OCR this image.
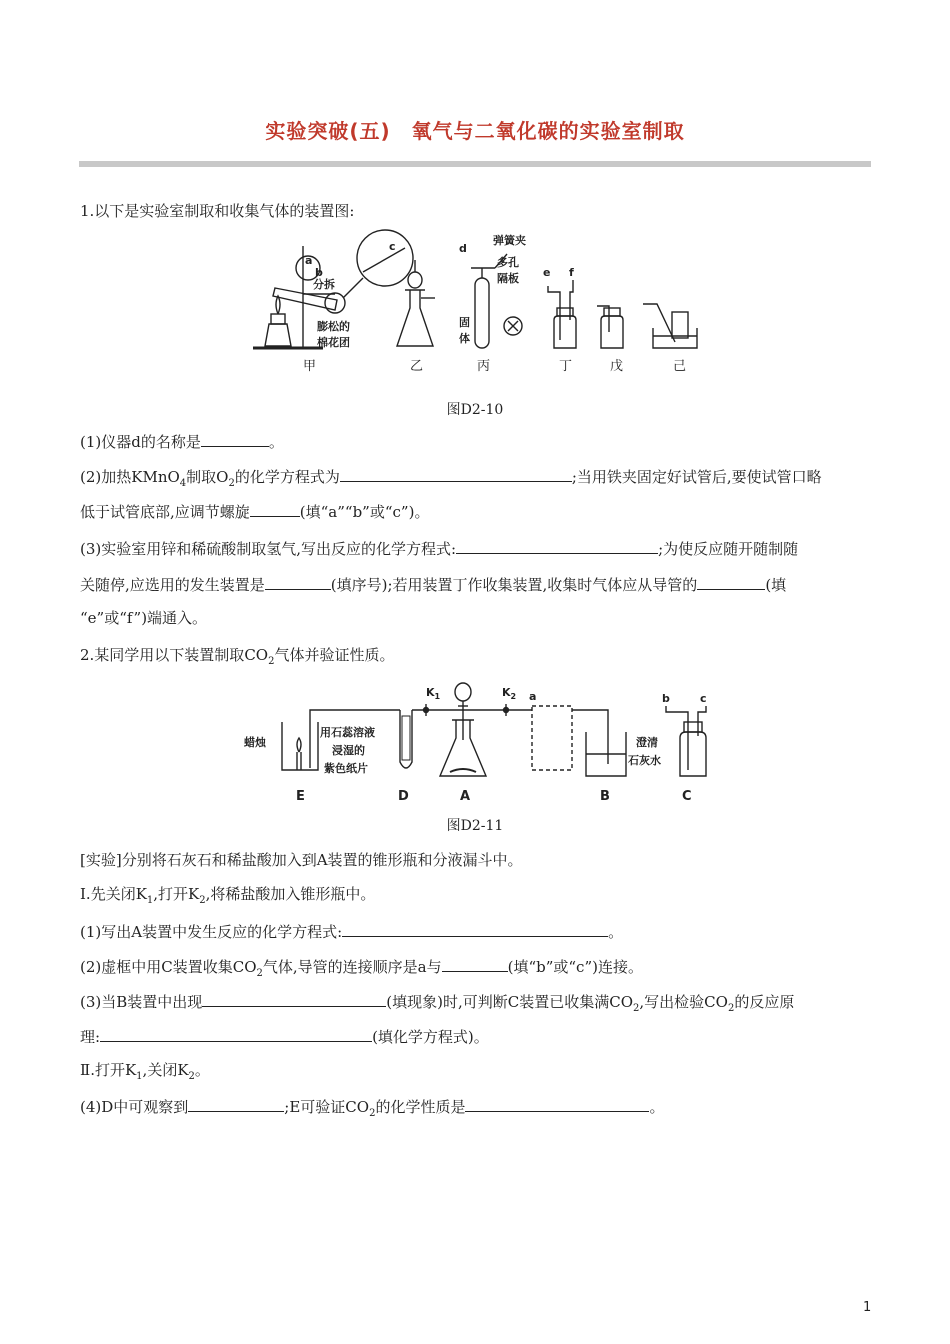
实验突破(五)　氧气与二氧化碳的实验室制取
1.以下是实验室制取和收集气体的装置图:
a
b
c
分拆
膨松的
棉花团
d
弹簧夹
多孔
隔板
固
体
e f
甲	乙	丙	丁	戊	己
图D2-10
(1)仪器d的名称是	。
(2)加热KMnO$_4$制取$O_2$的化学方程式为	;当用铁夹固定好试管后,要使试管口略
低于试管底部,应调节螺旋	(填“a”“b”或“c”)。
(3)实验室用锌和稀硫酸制取氢气,写出反应的化学方程式:	;为使反应随开随制随
关随停,应选用的发生装置是	(填序号);若用装置丁作收集装置,收集时气体应从导管的	(填
“e”或“f”)端通入。
2.某同学用以下装置制取$CO_2$气体并验证性质。
$K_1$	$K_2$ a	b	c
蜡烛
用石蕊溶液
浸湿的
紫色纸片
澄清
石灰水
E	D	A	B	C
图D2-11
[实验]分别将石灰石和稀盐酸加入到A装置的锥形瓶和分液漏斗中。
Ⅰ.先关闭$K_1$,打开$K_2$,将稀盐酸加入锥形瓶中。
(1)写出A装置中发生反应的化学方程式:	。
(2)虚框中用C装置收集$CO_2$气体,导管的连接顺序是a与	(填“b”或“c”)连接。
(3)当B装置中出现	(填现象)时,可判断C装置已收集满$CO_2$,写出检验$CO_2$的反应原
理:	(填化学方程式)。
Ⅱ.打开$K_1$,关闭$K_2$。
(4)D中可观察到	;E可验证$CO_2$的化学性质是	。
1
